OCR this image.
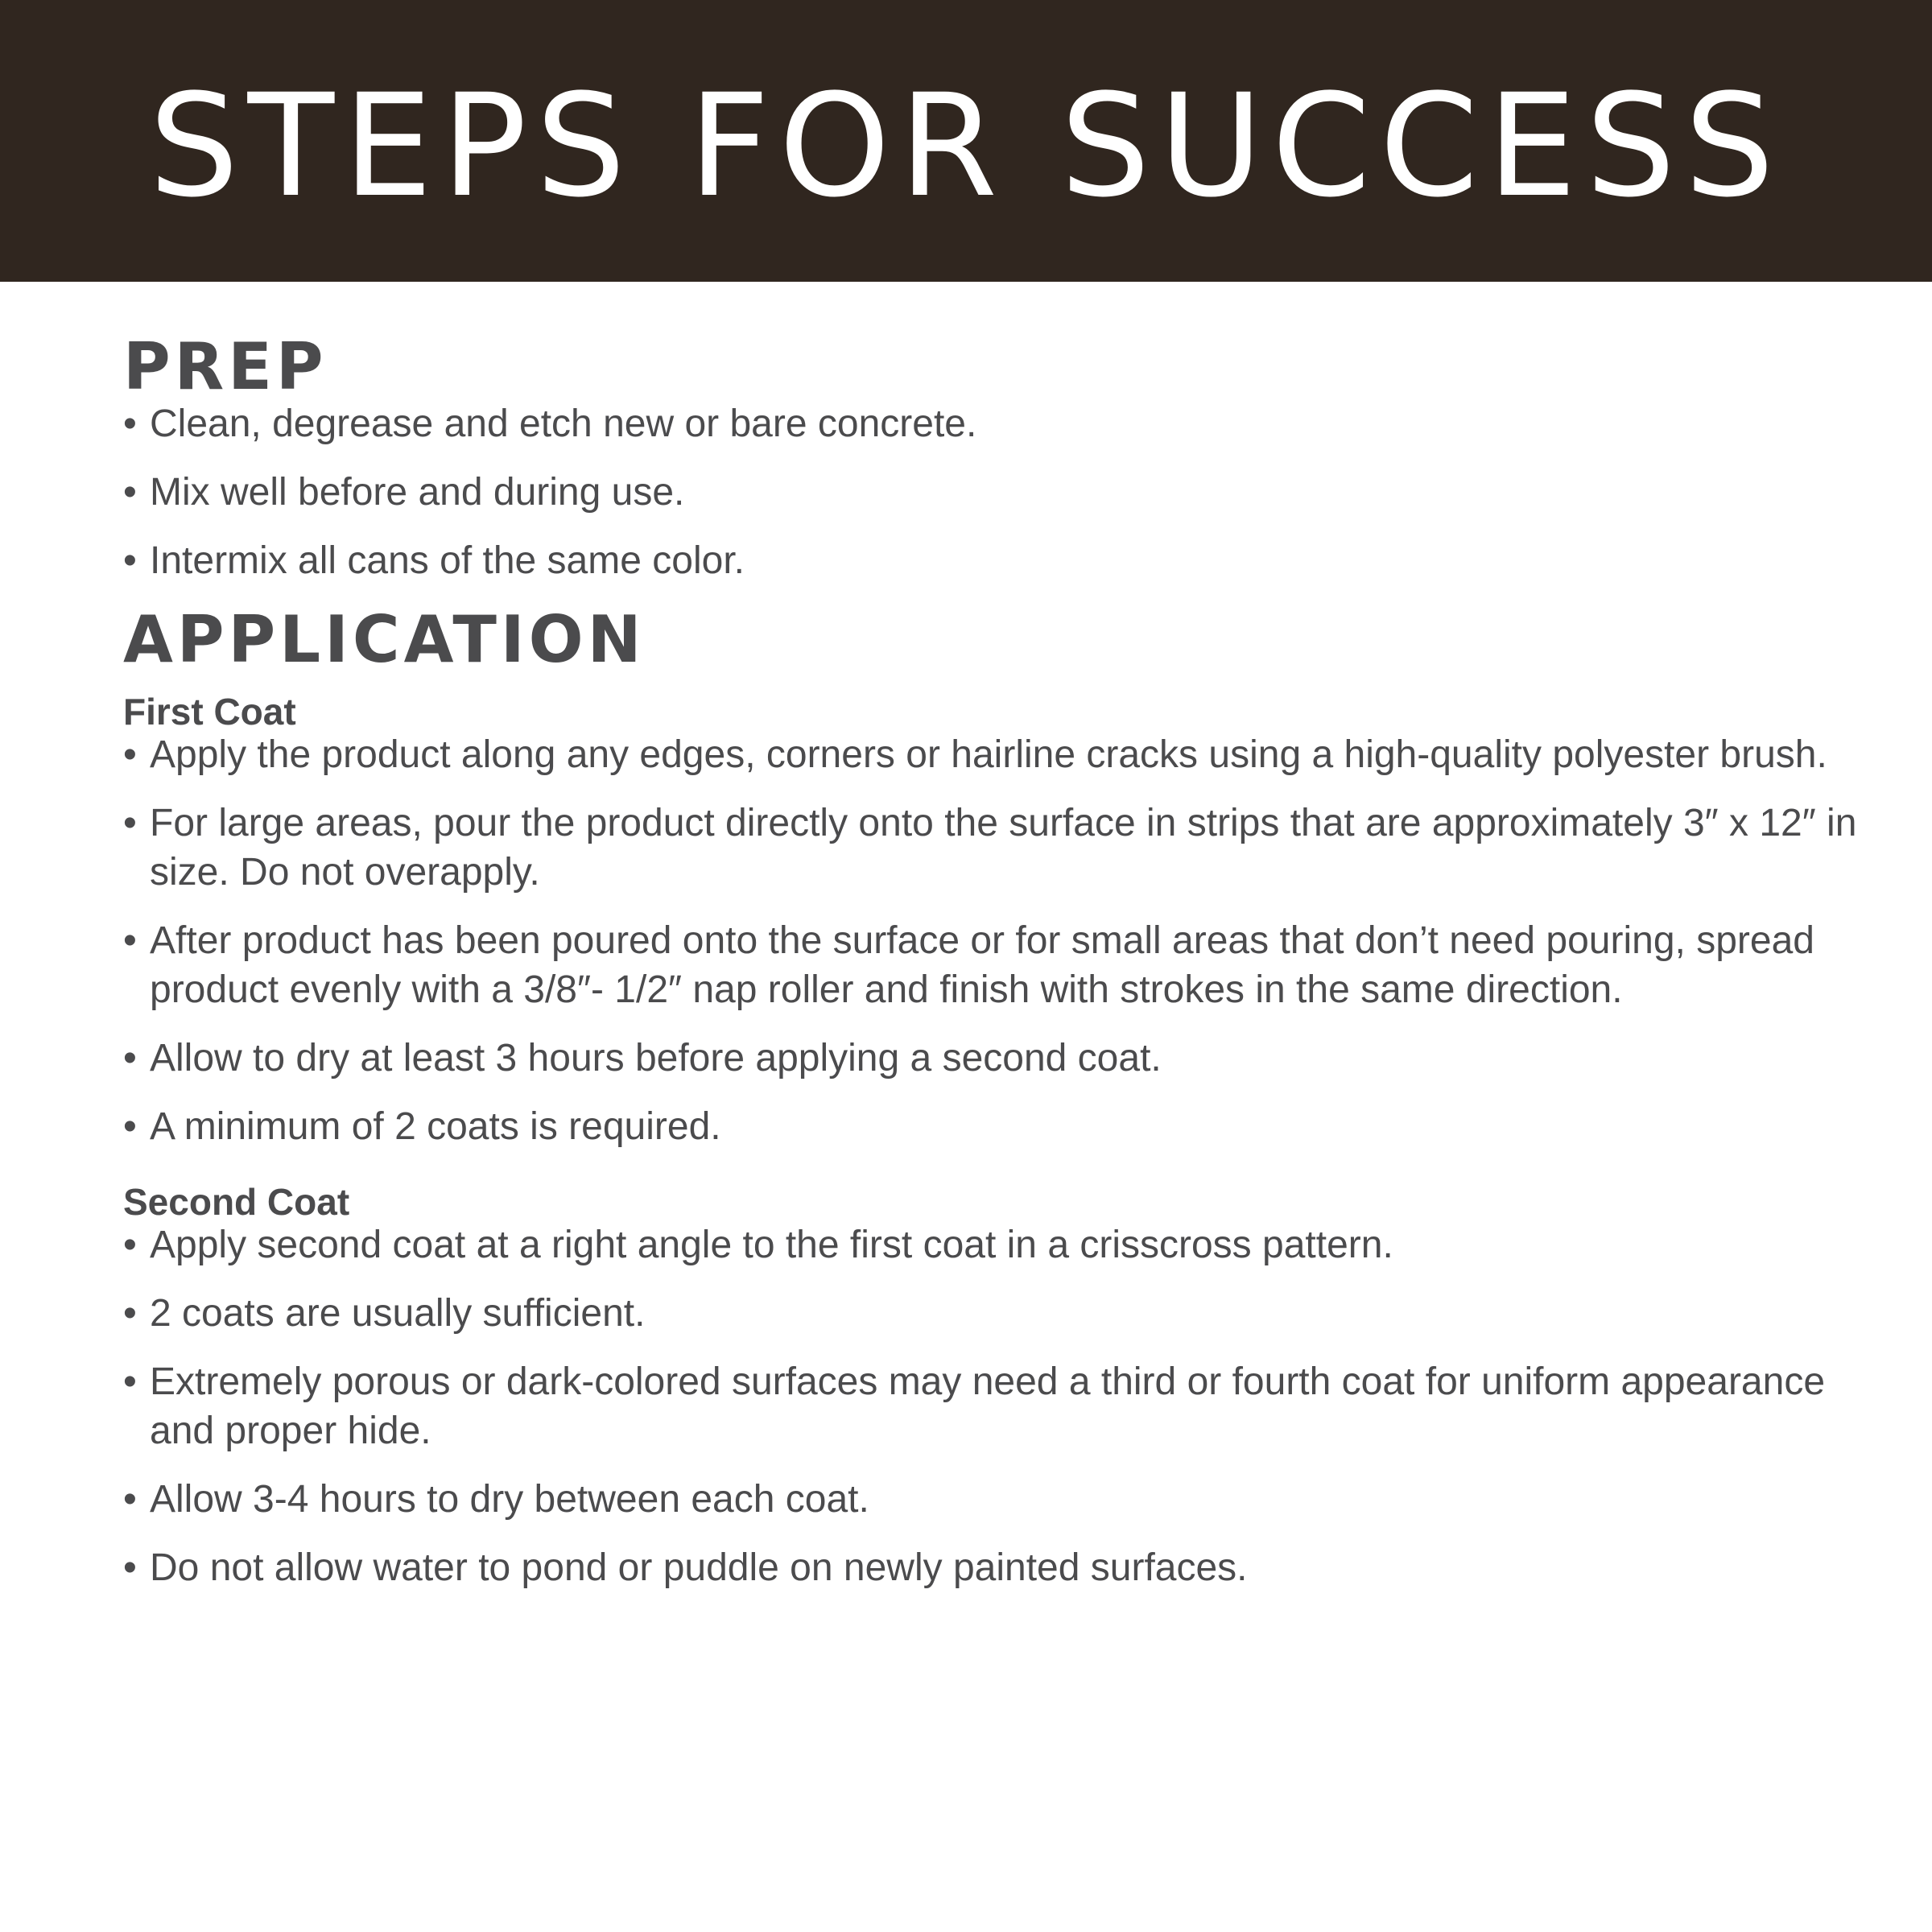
STEPS FOR SUCCESS
PREP
• Clean, degrease and etch new or bare concrete.
• Mix well before and during use.
• Intermix all cans of the same color.
APPLICATION
First Coat
• Apply the product along any edges, corners or hairline cracks using a high-quality polyester brush.
• For large areas, pour the product directly onto the surface in strips that are approximately 3″ x 12″ in size. Do not overapply.
• After product has been poured onto the surface or for small areas that don’t need pouring, spread product evenly with a 3/8″- 1/2″ nap roller and finish with strokes in the same direction.
• Allow to dry at least 3 hours before applying a second coat.
• A minimum of 2 coats is required.
Second Coat
• Apply second coat at a right angle to the first coat in a crisscross pattern.
• 2 coats are usually sufficient.
• Extremely porous or dark-colored surfaces may need a third or fourth coat for uniform appearance and proper hide.
• Allow 3-4 hours to dry between each coat.
• Do not allow water to pond or puddle on newly painted surfaces.
